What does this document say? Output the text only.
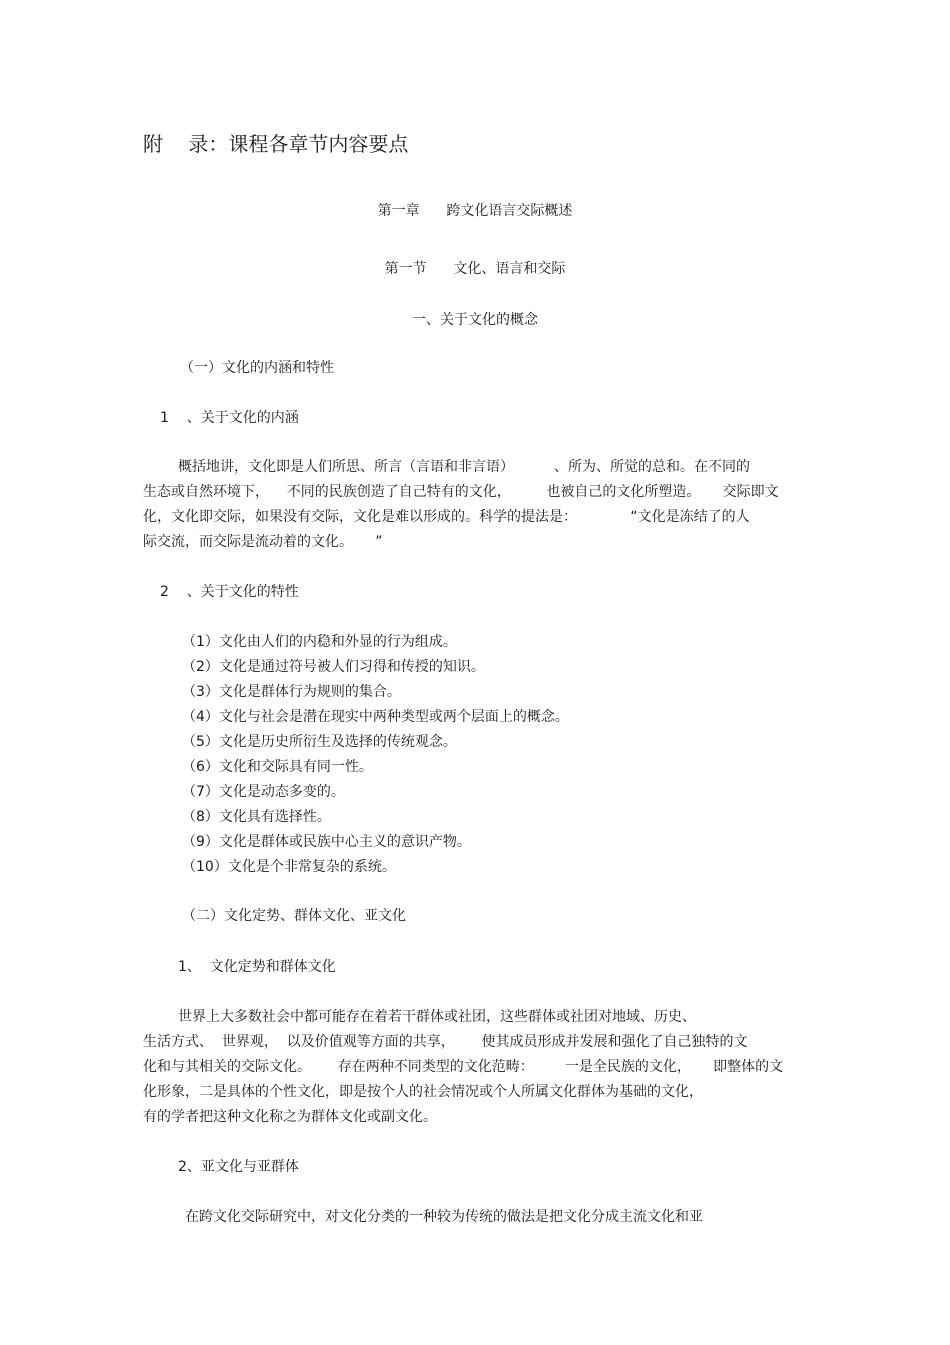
附    录：课程各章节内容要点
第一章      跨文化语言交际概述
第一节      文化、语言和交际
一、关于文化的概念
（一）文化的内涵和特性
1    、关于文化的内涵
概括地讲，文化即是人们所思、所言（言语和非言语）         、所为、所觉的总和。在不同的
生态或自然环境下，    不同的民族创造了自己特有的文化，        也被自己的文化所塑造。     交际即文
化，文化即交际，如果没有交际，文化是难以形成的。科学的提法是：            “文化是冻结了的人
际交流，而交际是流动着的文化。     ”
2    、关于文化的特性
（1）文化由人们的内稳和外显的行为组成。
（2）文化是通过符号被人们习得和传授的知识。
（3）文化是群体行为规则的集合。
（4）文化与社会是潜在现实中两种类型或两个层面上的概念。
（5）文化是历史所衍生及选择的传统观念。
（6）文化和交际具有同一性。
（7）文化是动态多变的。
（8）文化具有选择性。
（9）文化是群体或民族中心主义的意识产物。
（10）文化是个非常复杂的系统。
（二）文化定势、群体文化、亚文化
1、  文化定势和群体文化
世界上大多数社会中都可能存在着若干群体或社团，这些群体或社团对地域、历史、
生活方式、  世界观，  以及价值观等方面的共享，      使其成员形成并发展和强化了自己独特的文
化和与其相关的交际文化。      存在两种不同类型的文化范畴：       一是全民族的文化，     即整体的文
化形象，二是具体的个性文化，即是按个人的社会情况或个人所属文化群体为基础的文化，
有的学者把这种文化称之为群体文化或副文化。
2、亚文化与亚群体
在跨文化交际研究中，对文化分类的一种较为传统的做法是把文化分成主流文化和亚
